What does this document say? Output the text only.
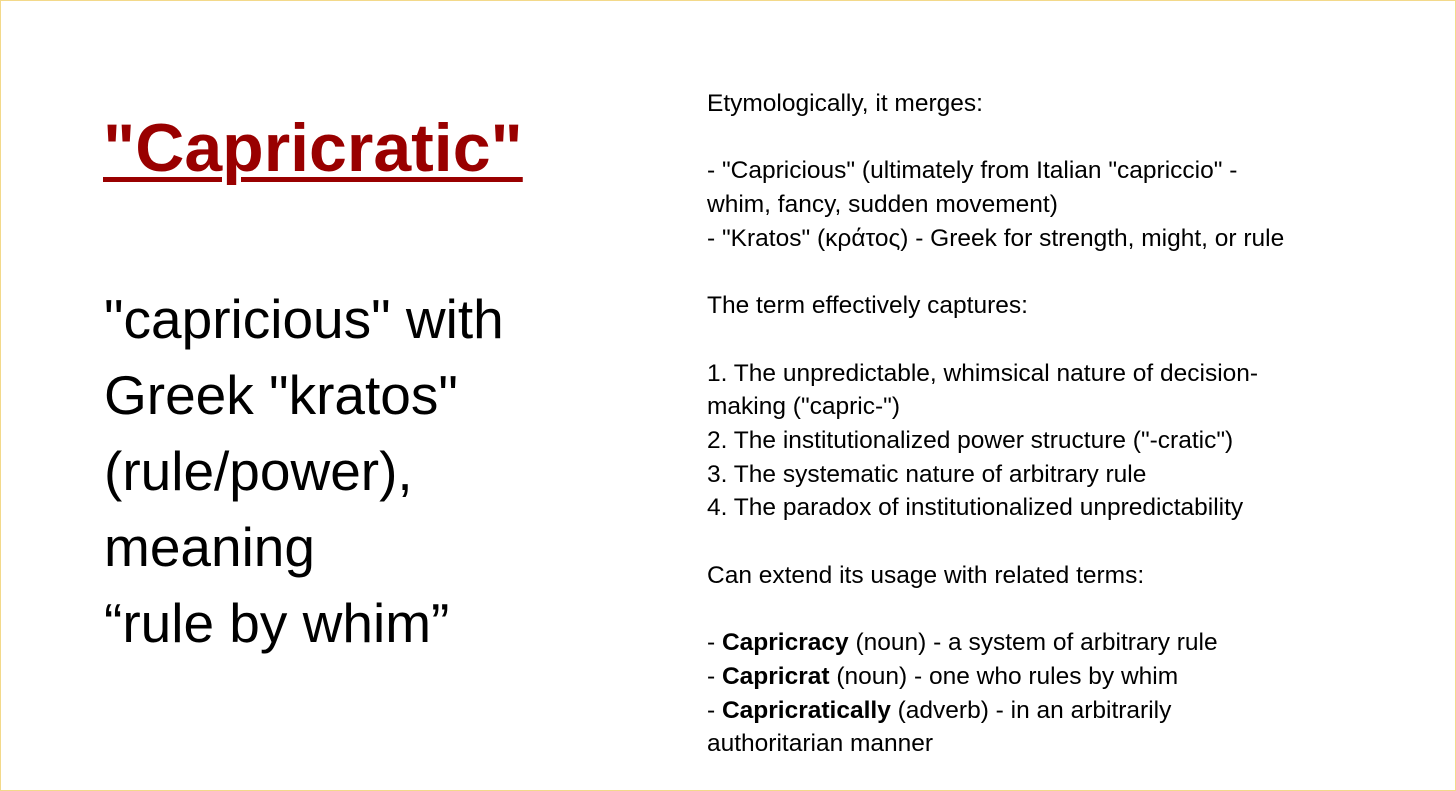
"Capricratic"
"capricious" with
Greek "kratos"
(rule/power),
meaning
“rule by whim”
Etymologically, it merges:
- "Capricious" (ultimately from Italian "capriccio" -
whim, fancy, sudden movement)
- "Kratos" (κράτος) - Greek for strength, might, or rule
The term effectively captures:
1. The unpredictable, whimsical nature of decision-
making ("capric-")
2. The institutionalized power structure ("-cratic")
3. The systematic nature of arbitrary rule
4. The paradox of institutionalized unpredictability
Can extend its usage with related terms:
- Capricracy (noun) - a system of arbitrary rule
- Capricrat (noun) - one who rules by whim
- Capricratically (adverb) - in an arbitrarily
authoritarian manner
